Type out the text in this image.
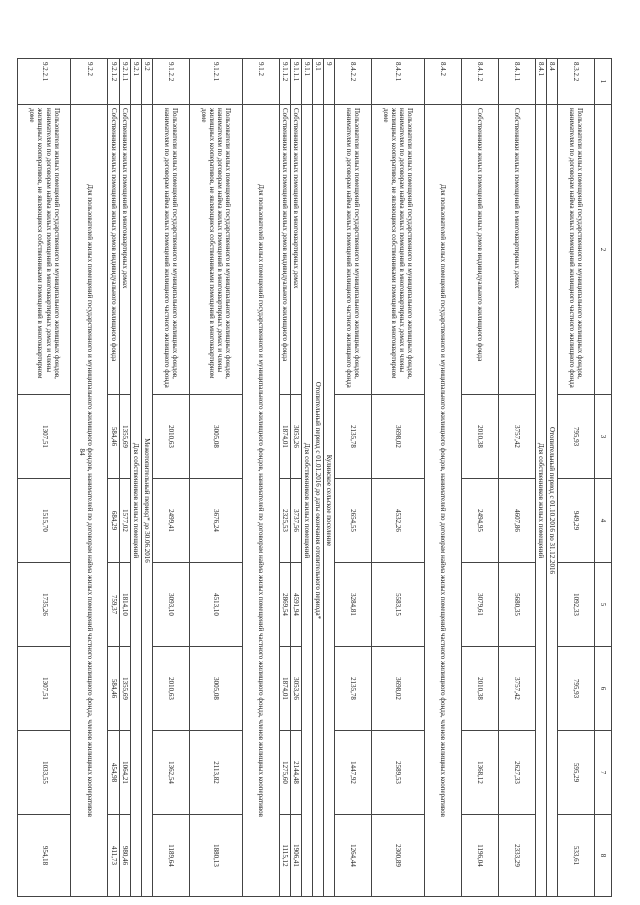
84
1	2	3	4	5	6	7	8
8.3.2.2	Пользователи жилых помещений государственного и муниципального жилищных фондов, нанимателям по договорам найма жилых помещений жилищного частного жилищного фонда	795,93	949,29	1092,33	795,93	595,29	533,61
8.4	Отопительный период с 01.10.2016 по 31.12.2016						
8.4.1	Для собственников жилых помещений						
8.4.1.1	Собственники жилых помещений в многоквартирных домах	3757,42	4607,86	5680,35	3757,42	2627,33	2333,29
8.4.1.2	Собственники жилых помещений жилых домов индивидуального жилищного фонда	2010,38	2494,95	3079,61	2010,38	1368,12	1196,04
8.4.2	Для пользователей жилых помещений государственного и муниципального жилищного фондов, нанимателей по договорам найма жилых помещений частного жилищного фонда, членов жилищных кооперативов						
8.4.2.1	Пользователи жилых помещений государственного и муниципального жилищных фондов, нанимателям по договорам найма жилых помещений в многоквартирных домах и члены жилищных кооперативов, не являющиеся собственниками помещений в многоквартирном доме	3698,02	4532,26	5583,15	3698,02	2589,53	2300,89
8.4.2.2	Пользователи жилых помещений государственного и муниципального жилищных фондов, нанимателям по договорам найма жилых помещений жилищного частного жилищного фонда	2135,78	2654,55	3284,81	2135,78	1447,92	1264,44
9	Кулинское сельское поселение						
9.1	Отопительный период с 01.01.2016 до даты окончания отопительного периода*						
9.1.1	Для собственников жилых помещений						
9.1.1.1	Собственники жилых помещений в многоквартирных домах	3053,26	3737,56	4591,94	3053,26	2144,48	1906,41
9.1.1.2	Собственники жилых помещений жилых домов индивидуального жилищного фонда	1874,01	2325,53	2869,54	1874,01	1275,60	1115,12
9.1.2	Для пользователей жилых помещений государственного и муниципального жилищного фондов, нанимателей по договорам найма жилых помещений частного жилищного фонда, членов жилищных кооперативов						
9.1.2.1	Пользователи жилых помещений государственного и муниципального жилищных фондов, нанимателям по договорам найма жилых помещений в многоквартирных домах и члены жилищных кооперативов, не являющиеся собственниками помещений в многоквартирном доме	3005,08	3676,24	4513,10	3005,08	2113,82	1880,13
9.1.2.2	Пользователи жилых помещений государственного и муниципального жилищных фондов, нанимателям по договорам найма жилых помещений жилищного частного жилищного фонда	2010,63	2499,41	3093,10	2010,63	1362,54	1189,64
9.2	Межотопительный период* до 30.06.2016						
9.2.1	Для собственников жилых помещений						
9.2.1.1	Собственники жилых помещений в многоквартирных домах	1355,69	1577,02	1814,10	1355,69	1064,21	980,46
9.2.1.2	Собственники жилых помещений жилых домов индивидуального жилищного фонда	584,46	684,29	759,37	584,46	454,98	411,73
9.2.2	Для пользователей жилых помещений государственного и муниципального жилищного фондов, нанимателей по договорам найма жилых помещений частного жилищного фонда, членов жилищных кооперативов						
9.2.2.1	Пользователи жилых помещений государственного и муниципального жилищных фондов, нанимателям по договорам найма жилых помещений в многоквартирных домах и члены жилищных кооперативов, не являющиеся собственниками помещений в многоквартирном доме	1307,51	1515,70	1735,26	1307,51	1033,55	954,18
